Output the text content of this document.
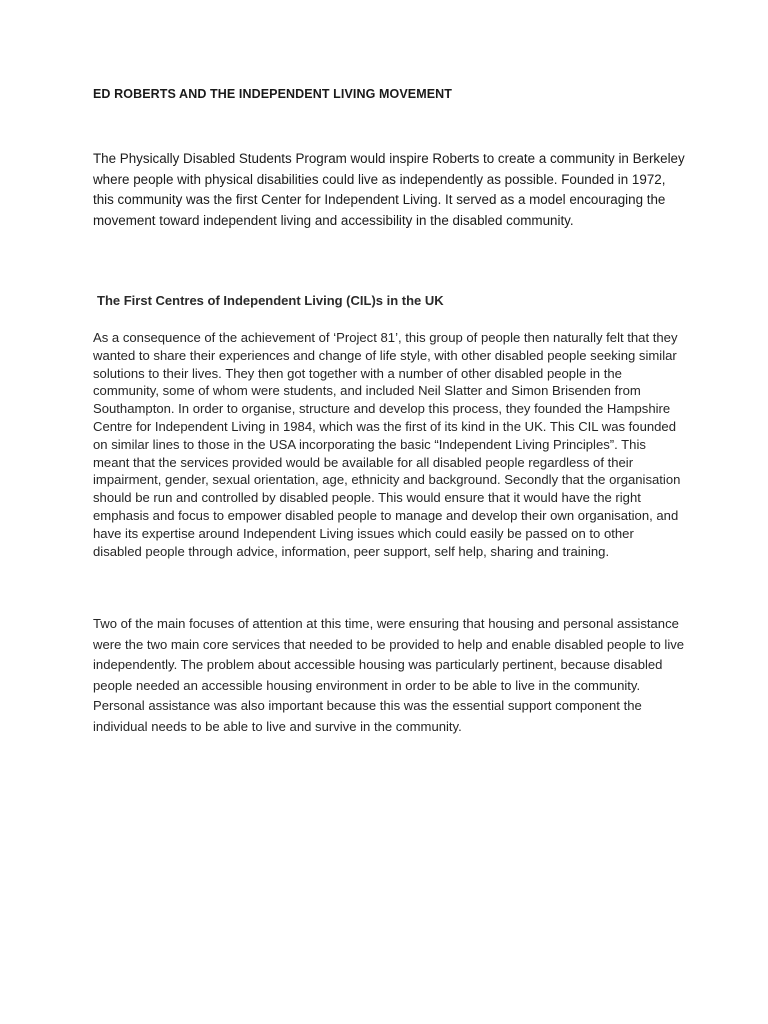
ED ROBERTS AND THE INDEPENDENT LIVING MOVEMENT

The Physically Disabled Students Program would inspire Roberts to create a community in Berkeley where people with physical disabilities could live as independently as possible. Founded in 1972, this community was the first Center for Independent Living. It served as a model encouraging the movement toward independent living and accessibility in the disabled community.

The First Centres of Independent Living (CIL)s in the UK

As a consequence of the achievement of ‘Project 81’, this group of people then naturally felt that they wanted to share their experiences and change of life style, with other disabled people seeking similar solutions to their lives. They then got together with a number of other disabled people in the community, some of whom were students, and included Neil Slatter and Simon Brisenden from Southampton. In order to organise, structure and develop this process, they founded the Hampshire Centre for Independent Living in 1984, which was the first of its kind in the UK. This CIL was founded on similar lines to those in the USA incorporating the basic “Independent Living Principles”. This meant that the services provided would be available for all disabled people regardless of their impairment, gender, sexual orientation, age, ethnicity and background. Secondly that the organisation should be run and controlled by disabled people. This would ensure that it would have the right emphasis and focus to empower disabled people to manage and develop their own organisation, and have its expertise around Independent Living issues which could easily be passed on to other disabled people through advice, information, peer support, self help, sharing and training.

Two of the main focuses of attention at this time, were ensuring that housing and personal assistance were the two main core services that needed to be provided to help and enable disabled people to live independently. The problem about accessible housing was particularly pertinent, because disabled people needed an accessible housing environment in order to be able to live in the community. Personal assistance was also important because this was the essential support component the individual needs to be able to live and survive in the community.
